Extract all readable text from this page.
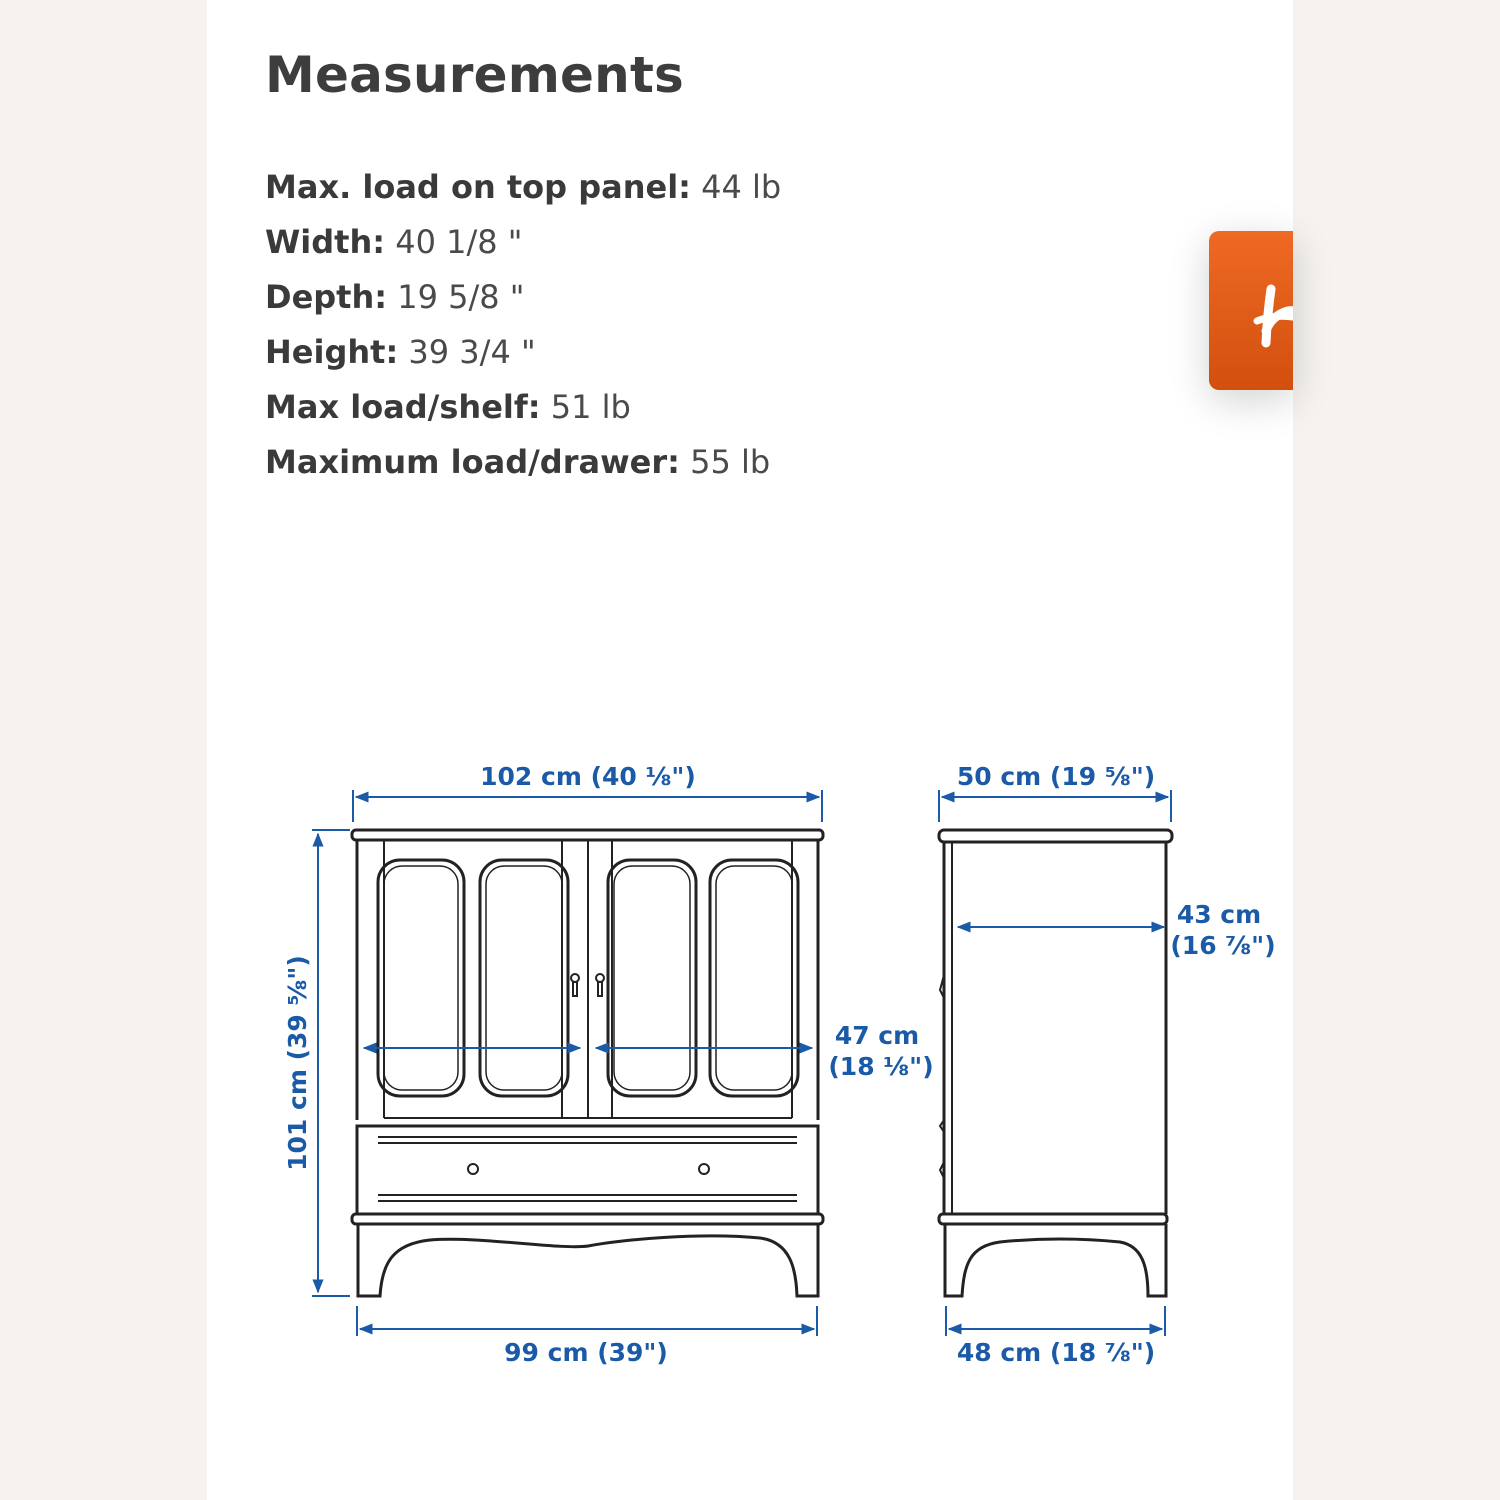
Measurements
Max. load on top panel: 44 lb
Width: 40 1/8 "
Depth: 19 5/8 "
Height: 39 3/4 "
Max load/shelf: 51 lb
Maximum load/drawer: 55 lb
102 cm (40 ⅛")	50 cm (19 ⅝")
101 cm (39 ⅝")	47 cm
(18 ⅛")
43 cm
(16 ⅞")
99 cm (39")	48 cm (18 ⅞")
